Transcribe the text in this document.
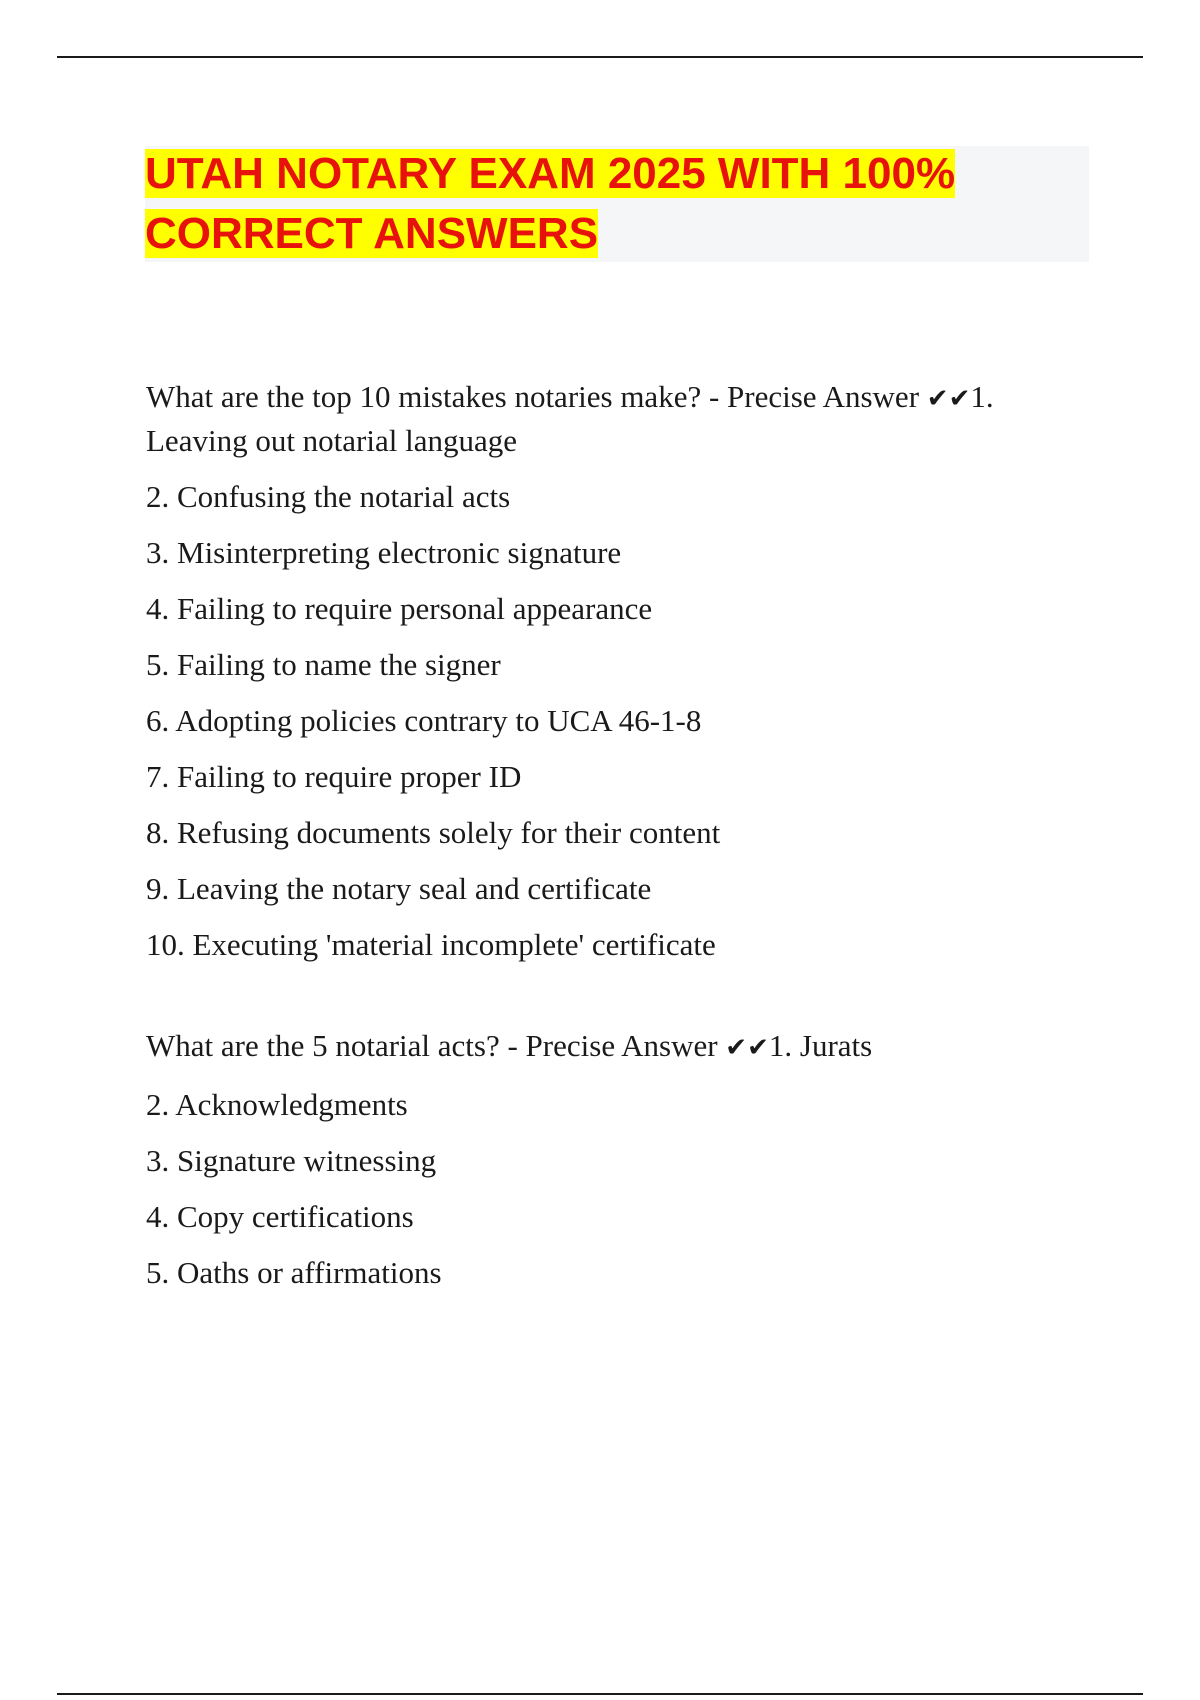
UTAH NOTARY EXAM 2025 WITH 100%
CORRECT ANSWERS

What are the top 10 mistakes notaries make? - Precise Answer ✔✔1. Leaving out notarial language

2. Confusing the notarial acts

3. Misinterpreting electronic signature

4. Failing to require personal appearance

5. Failing to name the signer

6. Adopting policies contrary to UCA 46-1-8

7. Failing to require proper ID

8. Refusing documents solely for their content

9. Leaving the notary seal and certificate

10. Executing 'material incomplete' certificate

What are the 5 notarial acts? - Precise Answer ✔✔1. Jurats

2. Acknowledgments

3. Signature witnessing

4. Copy certifications

5. Oaths or affirmations
